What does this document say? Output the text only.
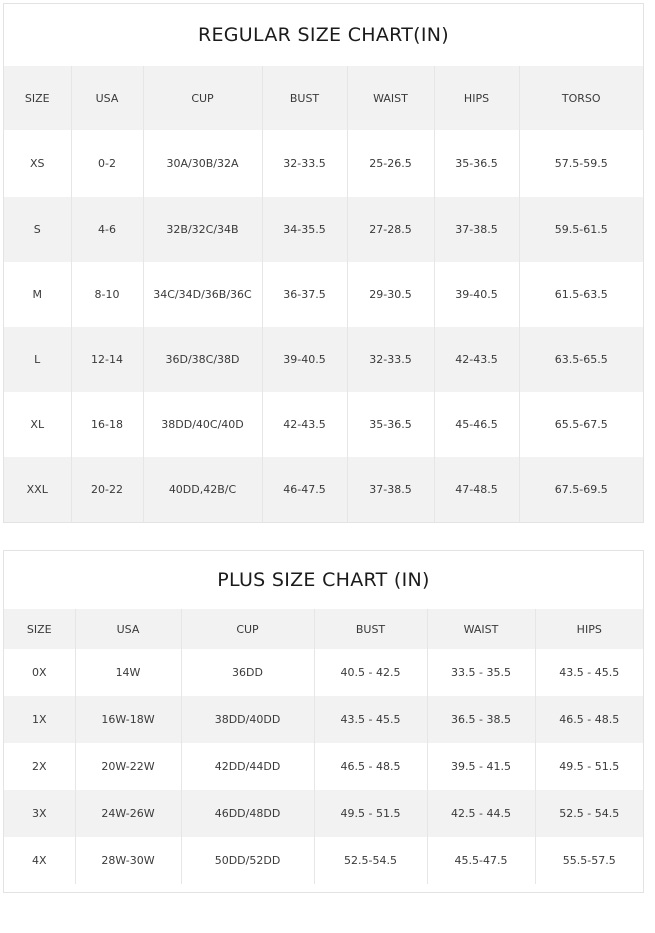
REGULAR SIZE CHART(IN)
SIZE	USA	CUP	BUST	WAIST	HIPS	TORSO
XS	0-2	30A/30B/32A	32-33.5	25-26.5	35-36.5	57.5-59.5
S	4-6	32B/32C/34B	34-35.5	27-28.5	37-38.5	59.5-61.5
M	8-10	34C/34D/36B/36C	36-37.5	29-30.5	39-40.5	61.5-63.5
L	12-14	36D/38C/38D	39-40.5	32-33.5	42-43.5	63.5-65.5
XL	16-18	38DD/40C/40D	42-43.5	35-36.5	45-46.5	65.5-67.5
XXL	20-22	40DD,42B/C	46-47.5	37-38.5	47-48.5	67.5-69.5
PLUS SIZE CHART (IN)
SIZE	USA	CUP	BUST	WAIST	HIPS
0X	14W	36DD	40.5 - 42.5	33.5 - 35.5	43.5 - 45.5
1X	16W-18W	38DD/40DD	43.5 - 45.5	36.5 - 38.5	46.5 - 48.5
2X	20W-22W	42DD/44DD	46.5 - 48.5	39.5 - 41.5	49.5 - 51.5
3X	24W-26W	46DD/48DD	49.5 - 51.5	42.5 - 44.5	52.5 - 54.5
4X	28W-30W	50DD/52DD	52.5-54.5	45.5-47.5	55.5-57.5
